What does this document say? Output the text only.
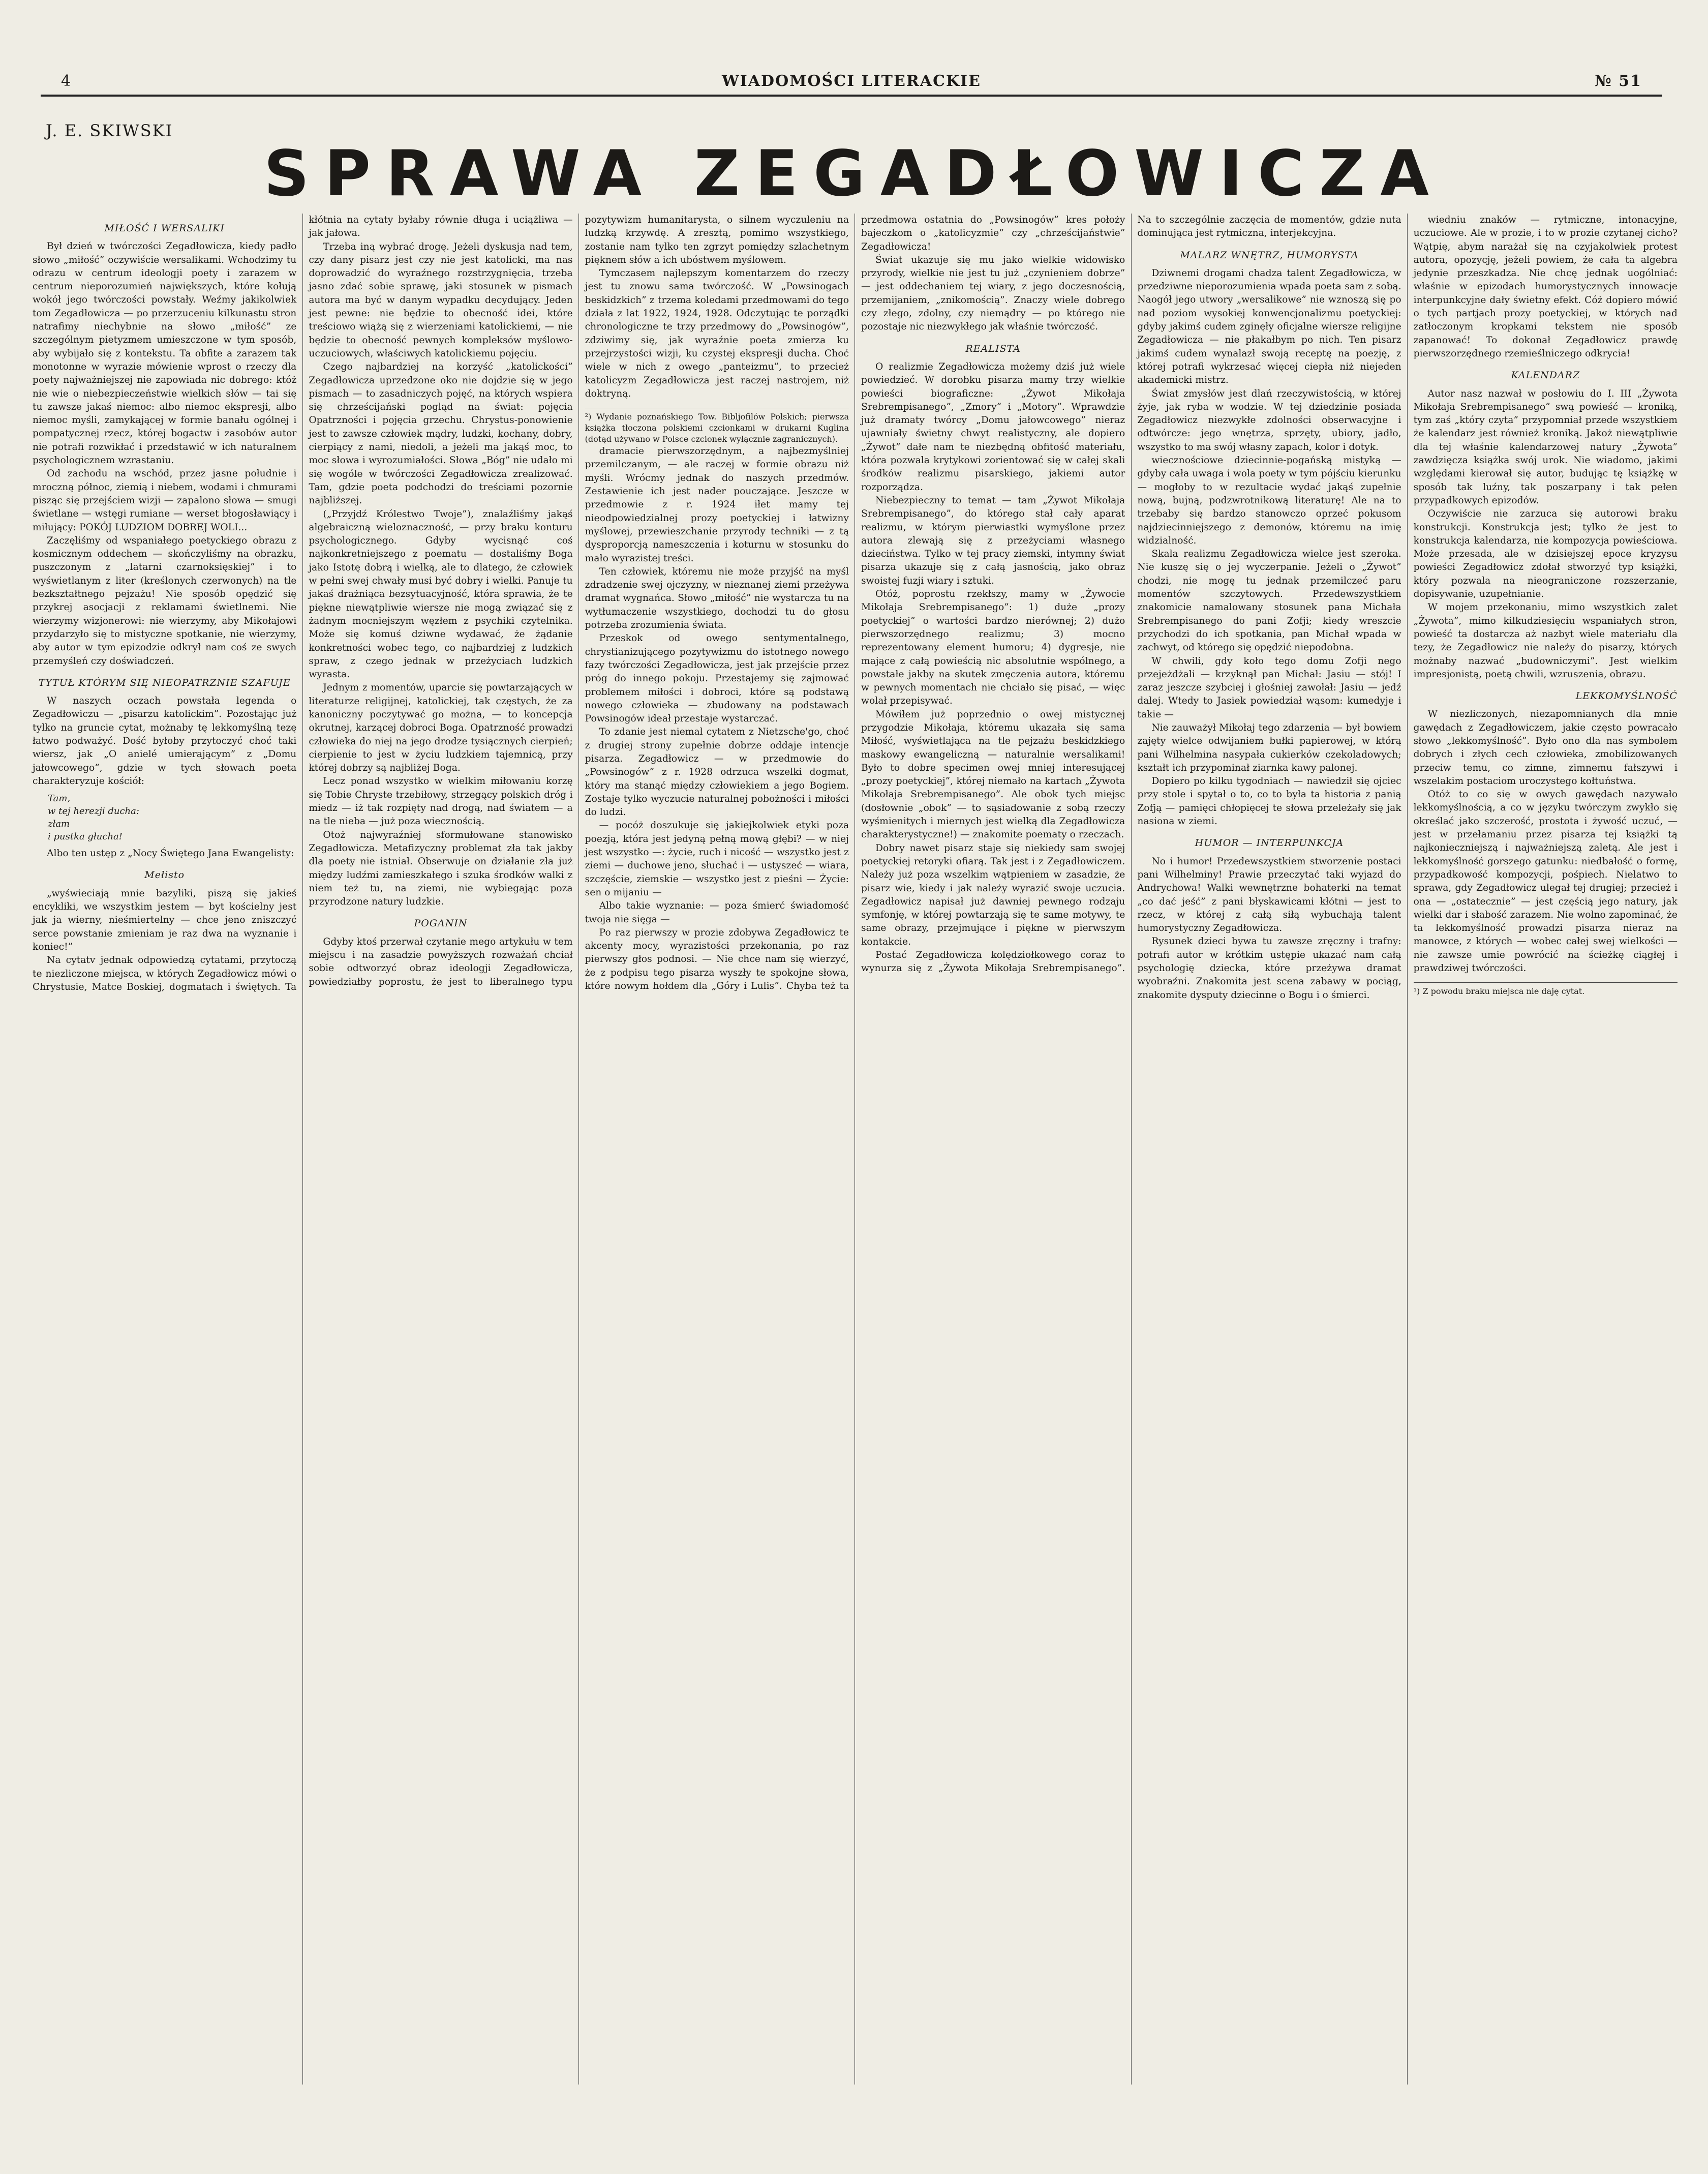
4	WIADOMOŚCI LITERACKIE	№ 51
J. E. SKIWSKI
SPRAWA ZEGADŁOWICZA
MIŁOŚĆ I WERSALIKI

Był dzień w twórczości Zegadłowicza, kiedy padło słowo „miłość” oczywiście wersalikami. Wchodzimy tu odrazu w centrum ideologji poety i zarazem w centrum nieporozumień największych, które kołują wokół jego twórczości powstały. Weźmy jakikolwiek tom Zegadłowicza — po przerzuceniu kilkunastu stron natrafimy niechybnie na słowo „miłość” ze szczególnym pietyzmem umieszczone w tym sposób, aby wybijało się z kontekstu. Ta obfite a zarazem tak monotonne w wyrazie mówienie wprost o rzeczy dla poety najważniejszej nie zapowiada nic dobrego: któż nie wie o niebezpieczeństwie wielkich słów — tai się tu zawsze jakaś niemoc: albo niemoc ekspresji, albo niemoc myśli, zamykającej w formie banału ogólnej i pompatycznej rzecz, której bogactw i zasobów autor nie potrafi rozwikłać i przedstawić w ich naturalnem psychologicznem wzrastaniu.

Od zachodu na wschód, przez jasne południe i mroczną północ, ziemią i niebem, wodami i chmurami pisząc się przejściem wizji — zapalono słowa — smugi świetlane — wstęgi rumiane — werset błogosławiący i miłujący: POKÓJ LUDZIOM DOBREJ WOLI...

Zaczęliśmy od wspaniałego poetyckiego obrazu z kosmicznym oddechem — skończyliśmy na obrazku, puszczonym z „latarni czarnoksięskiej” i to wyświetlanym z liter (kreślonych czerwonych) na tle bezkształtnego pejzażu! Nie sposób opędzić się przykrej asocjacji z reklamami świetlnemi. Nie wierzymy wizjonerowi: nie wierzymy, aby Mikołajowi przydarzyło się to mistyczne spotkanie, nie wierzymy, aby autor w tym epizodzie odkrył nam coś ze swych przemyśleń czy doświadczeń.

TYTUŁ KTÓRYM SIĘ NIEOPATRZNIE SZAFUJE

W naszych oczach powstała legenda o Zegadłowiczu — „pisarzu katolickim”. Pozostając już tylko na gruncie cytat, możnaby tę lekkomyślną tezę łatwo podważyć. Dość byłoby przytoczyć choć taki wiersz, jak „O anielé umierającym” z „Domu jałowcowego”, gdzie w tych słowach poeta charakteryzuje kościół:

Tam,
w tej herezji ducha:
złam
i pustka głucha!

Albo ten ustęp z „Nocy Świętego Jana Ewangelisty:

Mełisto

„wyświeciają mnie bazyliki, piszą się jakieś encykliki, we wszystkim jestem — byt kościelny jest jak ja wierny, nieśmiertelny — chce jeno zniszczyć serce powstanie zmieniam je raz dwa na wyznanie i koniec!”

Na cytatv jednak odpowiedzą cytatami, przytoczą te niezliczone miejsca, w których Zegadłowicz mówi o Chrystusie, Matce Boskiej, dogmatach i świętych. Ta kłótnia na cytaty byłaby równie długa i uciążliwa — jak jałowa.

Trzeba iną wybrać drogę. Jeżeli dyskusja nad tem, czy dany pisarz jest czy nie jest katolicki, ma nas doprowadzić do wyraźnego rozstrzygnięcia, trzeba jasno zdać sobie sprawę, jaki stosunek w pismach autora ma być w danym wypadku decydujący. Jeden jest pewne: nie będzie to obecność idei, które treściowo wiążą się z wierzeniami katolickiemi, — nie będzie to obecność pewnych kompleksów myślowo-uczuciowych, właściwych katolickiemu pojęciu.

Czego najbardziej na korzyść „katolickości” Zegadłowicza uprzedzone oko nie dojdzie się w jego pismach — to zasadniczych pojęć, na których wspiera się chrześcijański pogląd na świat: pojęcia Opatrzności i pojęcia grzechu. Chrystus-ponowienie jest to zawsze człowiek mądry, ludzki, kochany, dobry, cierpiący z nami, niedoli, a jeżeli ma jakąś moc, to moc słowa i wyrozumiałości. Słowa „Bóg” nie udało mi się wogóle w twórczości Zegadłowicza zrealizować. Tam, gdzie poeta podchodzi do treściami pozornie najbliższej.

(„Przyjdź Królestwo Twoje”), znalaźliśmy jakąś algebraiczną wieloznaczność, — przy braku konturu psychologicznego. Gdyby wycisnąć coś najkonkretniejszego z poematu — dostaliśmy Boga jako Istotę dobrą i wielką, ale to dlatego, że człowiek w pełni swej chwały musi być dobry i wielki. Panuje tu jakaś drażniąca bezsytuacyjność, która sprawia, że te piękne niewątpliwie wiersze nie mogą związać się z żadnym mocniejszym węzłem z psychiki czytelnika. Może się komuś dziwne wydawać, że żądanie konkretności wobec tego, co najbardziej z ludzkich spraw, z czego jednak w przeżyciach ludzkich wyrasta.

Jednym z momentów, uparcie się powtarzających w literaturze religijnej, katolickiej, tak częstych, że za kanoniczny poczytywać go można, — to koncepcja okrutnej, karzącej dobroci Boga. Opatrzność prowadzi człowieka do niej na jego drodze tysiącznych cierpień; cierpienie to jest w życiu ludzkiem tajemnicą, przy której dobrzy są najbliżej Boga.

Lecz ponad wszystko w wielkim miłowaniu korzę się Tobie Chryste trzebiłowy, strzegący polskich dróg i miedz — iż tak rozpięty nad drogą, nad światem — a na tle nieba — już poza wiecznością.

Otoż najwyraźniej sformułowane stanowisko Zegadłowicza. Metafizyczny problemat zła tak jakby dla poety nie istniał. Obserwuje on działanie zła już między ludźmi zamieszkałego i szuka środków walki z niem też tu, na ziemi, nie wybiegając poza przyrodzone natury ludzkie.

POGANIN

Gdyby ktoś przerwał czytanie mego artykułu w tem miejscu i na zasadzie powyższych rozważań chciał sobie odtworzyć obraz ideologji Zegadłowicza, powiedziałby poprostu, że jest to liberalnego typu pozytywizm humanitarysta, o silnem wyczuleniu na ludzką krzywdę. A zresztą, pomimo wszystkiego, zostanie nam tylko ten zgrzyt pomiędzy szlachetnym pięknem słów a ich ubóstwem myślowem.

Tymczasem najlepszym komentarzem do rzeczy jest tu znowu sama twórczość. W „Powsinogach beskidzkich” z trzema koledami przedmowami do tego działa z lat 1922, 1924, 1928. Odczytując te porządki chronologiczne te trzy przedmowy do „Powsinogów”, zdziwimy się, jak wyraźnie poeta zmierza ku przejrzystości wizji, ku czystej ekspresji ducha. Choć wiele w nich z owego „panteizmu”, to przecież katolicyzm Zegadłowicza jest raczej nastrojem, niż doktryną.

²) Wydanie poznańskiego Tow. Bibljofilów Polskich; pierwsza książka tłoczona polskiemi czcionkami w drukarni Kuglina (dotąd używano w Polsce czcionek wyłącznie zagranicznych).

dramacie pierwszorzędnym, a najbezmyślniej przemilczanym, — ale raczej w formie obrazu niż myśli. Wrócmy jednak do naszych przedmów. Zestawienie ich jest nader pouczające. Jeszcze w przedmowie z r. 1924 iłet mamy tej nieodpowiedzialnej prozy poetyckiej i łatwizny myślowej, przewieszchanie przyrody techniki — z tą dysproporcją nameszczenia i koturnu w stosunku do mało wyrazistej treści.

Ten człowiek, któremu nie może przyjść na myśl zdradzenie swej ojczyzny, w nieznanej ziemi przeżywa dramat wygnańca. Słowo „miłość” nie wystarcza tu na wytłumaczenie wszystkiego, dochodzi tu do głosu potrzeba zrozumienia świata.

Przeskok od owego sentymentalnego, chrystianizującego pozytywizmu do istotnego nowego fazy twórczości Zegadłowicza, jest jak przejście przez próg do innego pokoju. Przestajemy się zajmować problemem miłości i dobroci, które są podstawą nowego człowieka — zbudowany na podstawach Powsinogów ideał przestaje wystarczać.

To zdanie jest niemal cytatem z Nietzsche'go, choć z drugiej strony zupełnie dobrze oddaje intencje pisarza. Zegadłowicz — w przedmowie do „Powsinogów” z r. 1928 odrzuca wszelki dogmat, który ma stanąć między człowiekiem a jego Bogiem. Zostaje tylko wyczucie naturalnej pobożności i miłości do ludzi.

— pocóż doszukuje się jakiejkolwiek etyki poza poezją, która jest jedyną pełną mową głębi? — w niej jest wszystko —: życie, ruch i nicość — wszystko jest z ziemi — duchowe jeno, słuchać i — ustyszeć — wiara, szczęście, ziemskie — wszystko jest z pieśni — Życie: sen o mijaniu —

Albo takie wyznanie: — poza śmierć świadomość twoja nie sięga —

Po raz pierwszy w prozie zdobywa Zegadłowicz te akcenty mocy, wyrazistości przekonania, po raz pierwszy głos podnosi. — Nie chce nam się wierzyć, że z podpisu tego pisarza wyszły te spokojne słowa, które nowym hołdem dla „Góry i Lulis”. Chyba też ta przedmowa ostatnia do „Powsinogów” kres położy bajeczkom o „katolicyzmie” czy „chrześcijaństwie” Zegadłowicza!

Świat ukazuje się mu jako wielkie widowisko przyrody, wielkie nie jest tu już „czynieniem dobrze” — jest oddechaniem tej wiary, z jego doczesnością, przemijaniem, „znikomością”. Znaczy wiele dobrego czy złego, zdolny, czy niemądry — po którego nie pozostaje nic niezwykłego jak właśnie twórczość.

REALISTA

O realizmie Zegadłowicza możemy dziś już wiele powiedzieć. W dorobku pisarza mamy trzy wielkie powieści biograficzne: „Żywot Mikołaja Srebrempisanego”, „Zmory” i „Motory”. Wprawdzie już dramaty twórcy „Domu jałowcowego” nieraz ujawniały świetny chwyt realistyczny, ale dopiero „Żywot” dałe nam te niezbędną obfitość materiału, która pozwala krytykowi zorientować się w całej skali środków realizmu pisarskiego, jakiemi autor rozporządza.

Niebezpieczny to temat — tam „Żywot Mikołaja Srebrempisanego”, do którego stał cały aparat realizmu, w którym pierwiastki wymyślone przez autora zlewają się z przeżyciami własnego dzieciństwa. Tylko w tej pracy ziemski, intymny świat pisarza ukazuje się z całą jasnością, jako obraz swoistej fuzji wiary i sztuki.

Otóż, poprostu rzekłszy, mamy w „Żywocie Mikołaja Srebrempisanego”: 1) duże „prozy poetyckiej” o wartości bardzo nierównej; 2) dużo pierwszorzędnego realizmu; 3) mocno reprezentowany element humoru; 4) dygresje, nie mające z całą powieścią nic absolutnie wspólnego, a powstałe jakby na skutek zmęczenia autora, któremu w pewnych momentach nie chciało się pisać, — więc wolał przepisywać.

Mówiłem już poprzednio o owej mistycznej przygodzie Mikołaja, któremu ukazała się sama Miłość, wyświetlająca na tle pejzażu beskidzkiego maskowy ewangeliczną — naturalnie wersalikami! Było to dobre specimen owej mniej interesującej „prozy poetyckiej”, której niemało na kartach „Żywota Mikołaja Srebrempisanego”. Ale obok tych miejsc (dosłownie „obok” — to sąsiadowanie z sobą rzeczy wyśmienitych i miernych jest wielką dla Zegadłowicza charakterystyczne!) — znakomite poematy o rzeczach.

Dobry nawet pisarz staje się niekiedy sam swojej poetyckiej retoryki ofiarą. Tak jest i z Zegadłowiczem. Należy już poza wszelkim wątpieniem w zasadzie, że pisarz wie, kiedy i jak należy wyrazić swoje uczucia. Zegadłowicz napisał już dawniej pewnego rodzaju symfonję, w której powtarzają się te same motywy, te same obrazy, przejmujące i piękne w pierwszym kontakcie.

Postać Zegadłowicza kolędziołkowego coraz to wynurza się z „Żywota Mikołaja Srebrempisanego”. Na to szczególnie zaczęcia de momentów, gdzie nuta dominująca jest rytmiczna, interjekcyjna.

MALARZ WNĘTRZ, HUMORYSTA

Dziwnemi drogami chadza talent Zegadłowicza, w przedziwne nieporozumienia wpada poeta sam z sobą. Naogół jego utwory „wersalikowe” nie wznoszą się po nad poziom wysokiej konwencjonalizmu poetyckiej: gdyby jakimś cudem zginęły oficjalne wiersze religijne Zegadłowicza — nie płakałbym po nich. Ten pisarz jakimś cudem wynalazł swoją receptę na poezję, z której potrafi wykrzesać więcej ciepła niż niejeden akademicki mistrz.

Świat zmysłów jest dlań rzeczywistością, w której żyje, jak ryba w wodzie. W tej dziedzinie posiada Zegadłowicz niezwykłe zdolności obserwacyjne i odtwórcze: jego wnętrza, sprzęty, ubiory, jadło, wszystko to ma swój własny zapach, kolor i dotyk.

wiecznościowe dziecinnie-pogańską mistyką — gdyby cała uwaga i wola poety w tym pójściu kierunku — mogłoby to w rezultacie wydać jakąś zupełnie nową, bujną, podzwrotnikową literaturę! Ale na to trzebaby się bardzo stanowczo oprzeć pokusom najdziecinniejszego z demonów, któremu na imię widzialność.

Skala realizmu Zegadłowicza wielce jest szeroka. Nie kuszę się o jej wyczerpanie. Jeżeli o „Żywot” chodzi, nie mogę tu jednak przemilczeć paru momentów szczytowych. Przedewszystkiem znakomicie namalowany stosunek pana Michała Srebrempisanego do pani Zofji; kiedy wreszcie przychodzi do ich spotkania, pan Michał wpada w zachwyt, od którego się opędzić niepodobna.

W chwili, gdy koło tego domu Zofji nego przejeżdżali — krzyknął pan Michał: Jasiu — stój! I zaraz jeszcze szybciej i głośniej zawołał: Jasiu — jedź dalej. Wtedy to Jasiek powiedział wąsom: kumedyje i takie —

Nie zauważył Mikołaj tego zdarzenia — był bowiem zajęty wielce odwijaniem bułki papierowej, w którą pani Wilhelmina nasypała cukierków czekoladowych; kształt ich przypominał ziarnka kawy palonej.

Dopiero po kilku tygodniach — nawiedził się ojciec przy stole i spytał o to, co to była ta historia z panią Zofją — pamięci chłopięcej te słowa przeleżały się jak nasiona w ziemi.

HUMOR — INTERPUNKCJA

No i humor! Przedewszystkiem stworzenie postaci pani Wilhelminy! Prawie przeczytać taki wyjazd do Andrychowa! Walki wewnętrzne bohaterki na temat „co dać jeść” z pani błyskawicami kłótni — jest to rzecz, w której z całą siłą wybuchają talent humorystyczny Zegadłowicza.

Rysunek dzieci bywa tu zawsze zręczny i trafny: potrafi autor w krótkim ustępie ukazać nam całą psychologię dziecka, które przeżywa dramat wyobraźni. Znakomita jest scena zabawy w pociąg, znakomite dysputy dziecinne o Bogu i o śmierci.

wiedniu znaków — rytmiczne, intonacyjne, uczuciowe. Ale w prozie, i to w prozie czytanej cicho? Wątpię, abym narażał się na czyjakolwiek protest autora, opozycję, jeżeli powiem, że cała ta algebra jedynie przeszkadza. Nie chcę jednak uogólniać: właśnie w epizodach humorystycznych innowacje interpunkcyjne dały świetny efekt. Cóż dopiero mówić o tych partjach prozy poetyckiej, w których nad zatłoczonym kropkami tekstem nie sposób zapanować! To dokonał Zegadłowicz prawdę pierwszorzędnego rzemieślniczego odkrycia!

KALENDARZ

Autor nasz nazwał w posłowiu do I. III „Żywota Mikołaja Srebrempisanego” swą powieść — kroniką, tym zaś „który czyta” przypomniał przede wszystkiem że kalendarz jest również kroniką. Jakoż niewątpliwie dla tej właśnie kalendarzowej natury „Żywota” zawdzięcza książka swój urok. Nie wiadomo, jakimi względami kierował się autor, budując tę książkę w sposób tak luźny, tak poszarpany i tak pełen przypadkowych epizodów.

Oczywiście nie zarzuca się autorowi braku konstrukcji. Konstrukcja jest; tylko że jest to konstrukcja kalendarza, nie kompozycja powieściowa. Może przesada, ale w dzisiejszej epoce kryzysu powieści Zegadłowicz zdołał stworzyć typ książki, który pozwala na nieograniczone rozszerzanie, dopisywanie, uzupełnianie.

W mojem przekonaniu, mimo wszystkich zalet „Żywota”, mimo kilkudziesięciu wspaniałych stron, powieść ta dostarcza aż nazbyt wiele materiału dla tezy, że Zegadłowicz nie należy do pisarzy, których możnaby nazwać „budowniczymi”. Jest wielkim impresjonistą, poetą chwili, wzruszenia, obrazu.

LEKKOMYŚLNOŚĆ

W niezliczonych, niezapomnianych dla mnie gawędach z Zegadłowiczem, jakie często powracało słowo „lekkomyślność”. Było ono dla nas symbolem dobrych i złych cech człowieka, zmobilizowanych przeciw temu, co zimne, zimnemu fałszywi i wszelakim postaciom uroczystego kołtuństwa.

Otóż to co się w owych gawędach nazywało lekkomyślnością, a co w języku twórczym zwykło się określać jako szczerość, prostota i żywość uczuć, — jest w przełamaniu przez pisarza tej książki tą najkonieczniejszą i najważniejszą zaletą. Ale jest i lekkomyślność gorszego gatunku: niedbałość o formę, przypadkowość kompozycji, pośpiech. Nielatwo to sprawa, gdy Zegadłowicz ulegał tej drugiej; przecież i ona — „ostatecznie” — jest częścią jego natury, jak wielki dar i słabość zarazem. Nie wolno zapominać, że ta lekkomyślność prowadzi pisarza nieraz na manowce, z których — wobec całej swej wielkości — nie zawsze umie powrócić na ścieżkę ciągłej i prawdziwej twórczości.

¹) Z powodu braku miejsca nie daję cytat.
